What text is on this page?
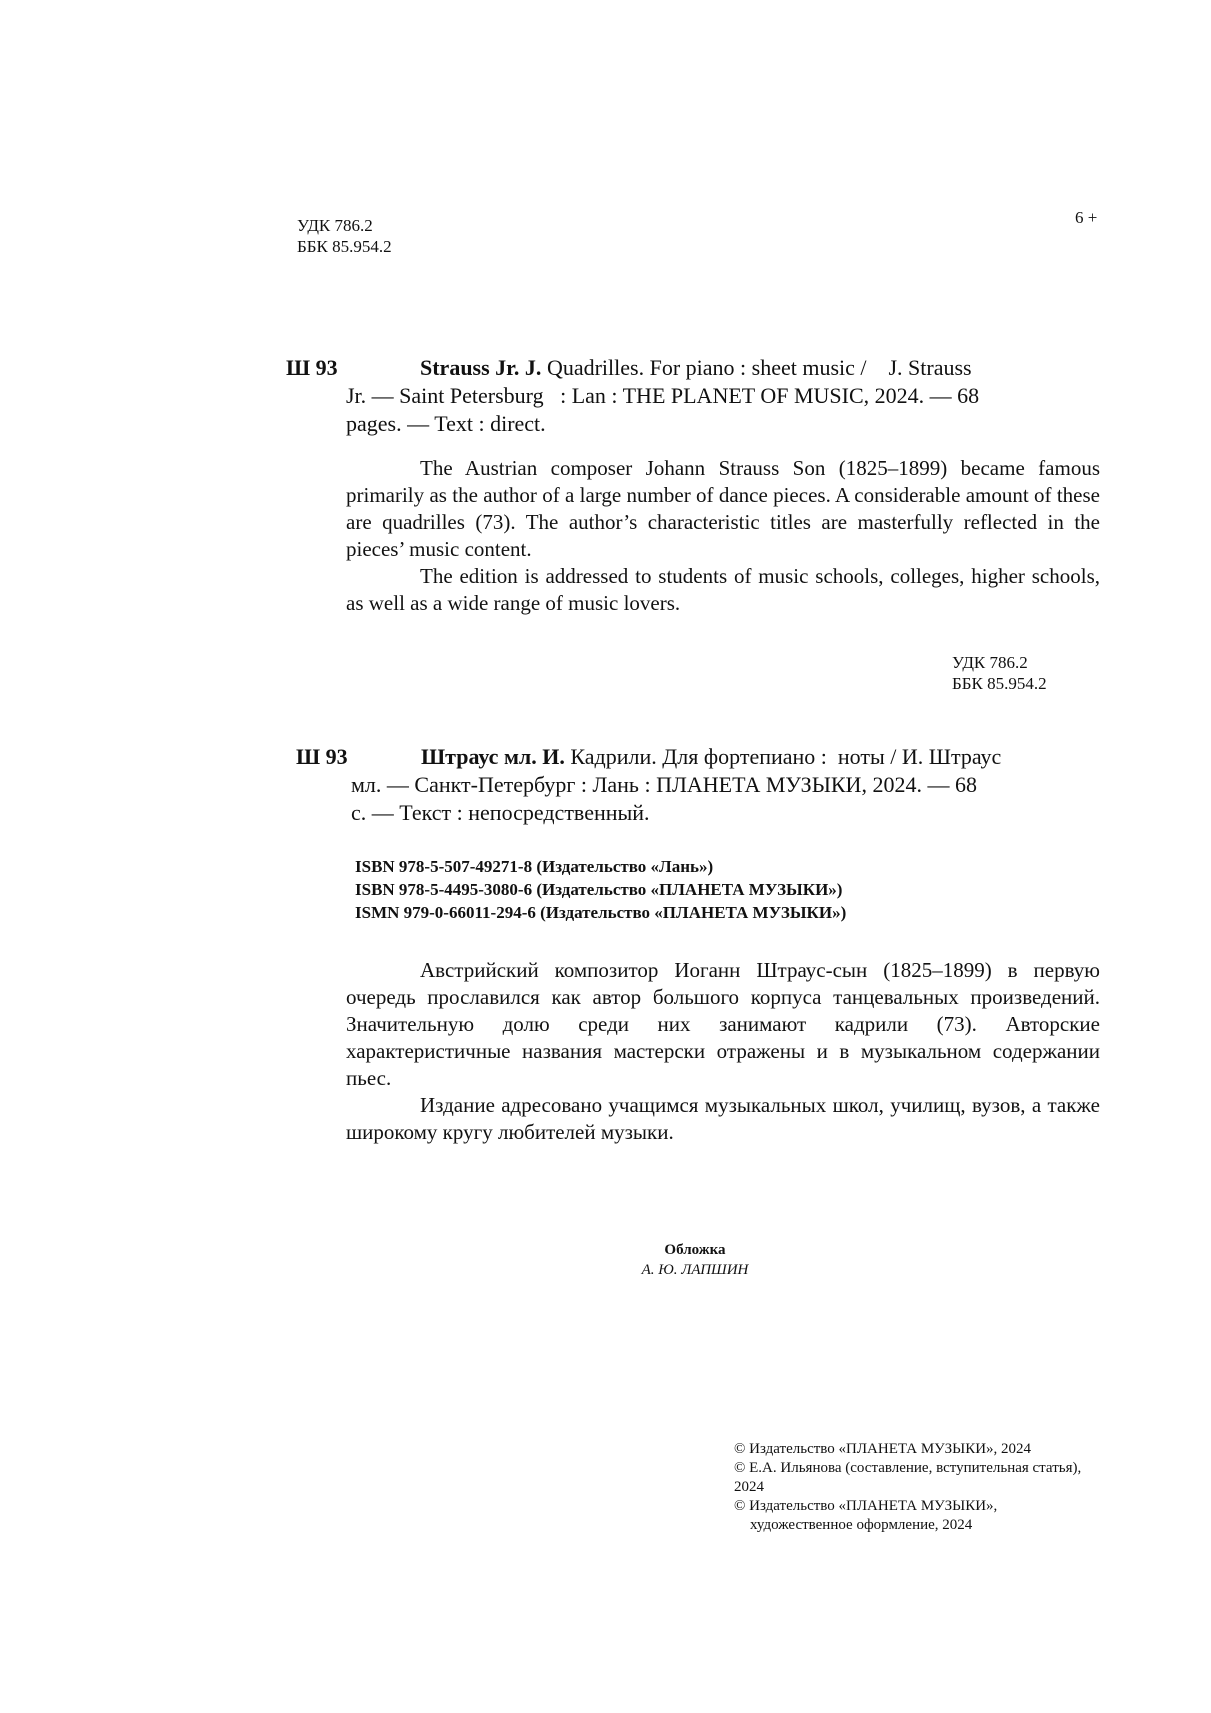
УДК 786.2
ББК 85.954.2
6 +
Ш 93	Strauss Jr. J. Quadrilles. For piano : sheet music /    J. Strauss
Jr. — Saint Petersburg   : Lan : THE PLANET OF MUSIC, 2024. — 68
pages. — Text : direct.

The Austrian composer Johann Strauss Son (1825–1899) became famous primarily as the author of a large number of dance pieces. A considerable amount of these are quadrilles (73). The author’s characteristic titles are masterfully reflected in the pieces’ music content.

The edition is addressed to students of music schools, colleges, higher schools, as well as a wide range of music lovers.

УДК 786.2
ББК 85.954.2
Ш 93	Штраус мл. И. Кадрили. Для фортепиано :  ноты / И. Штраус
мл. — Санкт-Петербург : Лань : ПЛАНЕТА МУЗЫКИ, 2024. — 68
с. — Текст : непосредственный.
ISBN 978-5-507-49271-8 (Издательство «Лань»)
ISBN 978-5-4495-3080-6 (Издательство «ПЛАНЕТА МУЗЫКИ»)
ISMN 979-0-66011-294-6 (Издательство «ПЛАНЕТА МУЗЫКИ»)

Австрийский композитор Иоганн Штраус-сын (1825–1899) в первую очередь прославился как автор большого корпуса танцевальных произведений. Значительную долю среди них занимают кадрили (73). Авторские характеристичные названия мастерски отражены и в музыкальном содержании пьес.

Издание адресовано учащимся музыкальных школ, училищ, вузов, а также широкому кругу любителей музыки.

Обложка
А. Ю. ЛАПШИН
© Издательство «ПЛАНЕТА МУЗЫКИ», 2024
© Е.А. Ильянова (составление, вступительная статья), 2024
© Издательство «ПЛАНЕТА МУЗЫКИ»,
художественное оформление, 2024
